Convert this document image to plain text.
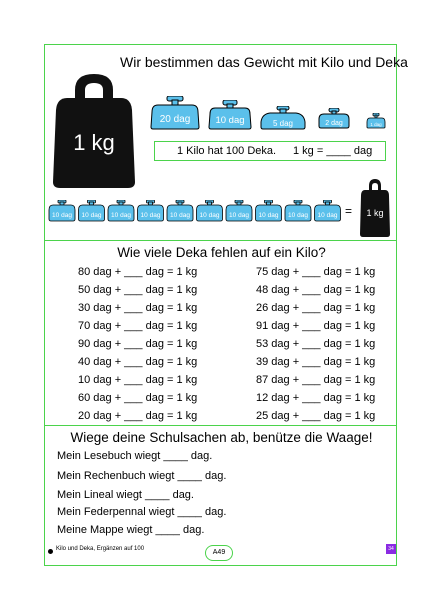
Wir bestimmen das Gewicht mit Kilo und Deka
1 kg
20 dag	10 dag	5 dag	2 dag	1 dag
1 Kilo hat 100 Deka. 1 kg = ____ dag
10 dag 10 dag 10 dag 10 dag 10 dag 10 dag 10 dag 10 dag 10 dag 10 dag = 1 kg
Wie viele Deka fehlen auf ein Kilo?
80 dag + ___ dag = 1 kg
50 dag + ___ dag = 1 kg
30 dag + ___ dag = 1 kg
70 dag + ___ dag = 1 kg
90 dag + ___ dag = 1 kg
40 dag + ___ dag = 1 kg
10 dag + ___ dag = 1 kg
60 dag + ___ dag = 1 kg
20 dag + ___ dag = 1 kg
75 dag + ___ dag = 1 kg
48 dag + ___ dag = 1 kg
26 dag + ___ dag = 1 kg
91 dag + ___ dag = 1 kg
53 dag + ___ dag = 1 kg
39 dag + ___ dag = 1 kg
87 dag + ___ dag = 1 kg
12 dag + ___ dag = 1 kg
25 dag + ___ dag = 1 kg
Wiege deine Schulsachen ab, benütze die Waage!
Mein Lesebuch wiegt ____ dag.
Mein Rechenbuch wiegt ____ dag.
Mein Lineal wiegt ____ dag.
Mein Federpennal wiegt ____ dag.
Meine Mappe wiegt ____ dag.
Kilo und Deka, Ergänzen auf 100	A49	34
